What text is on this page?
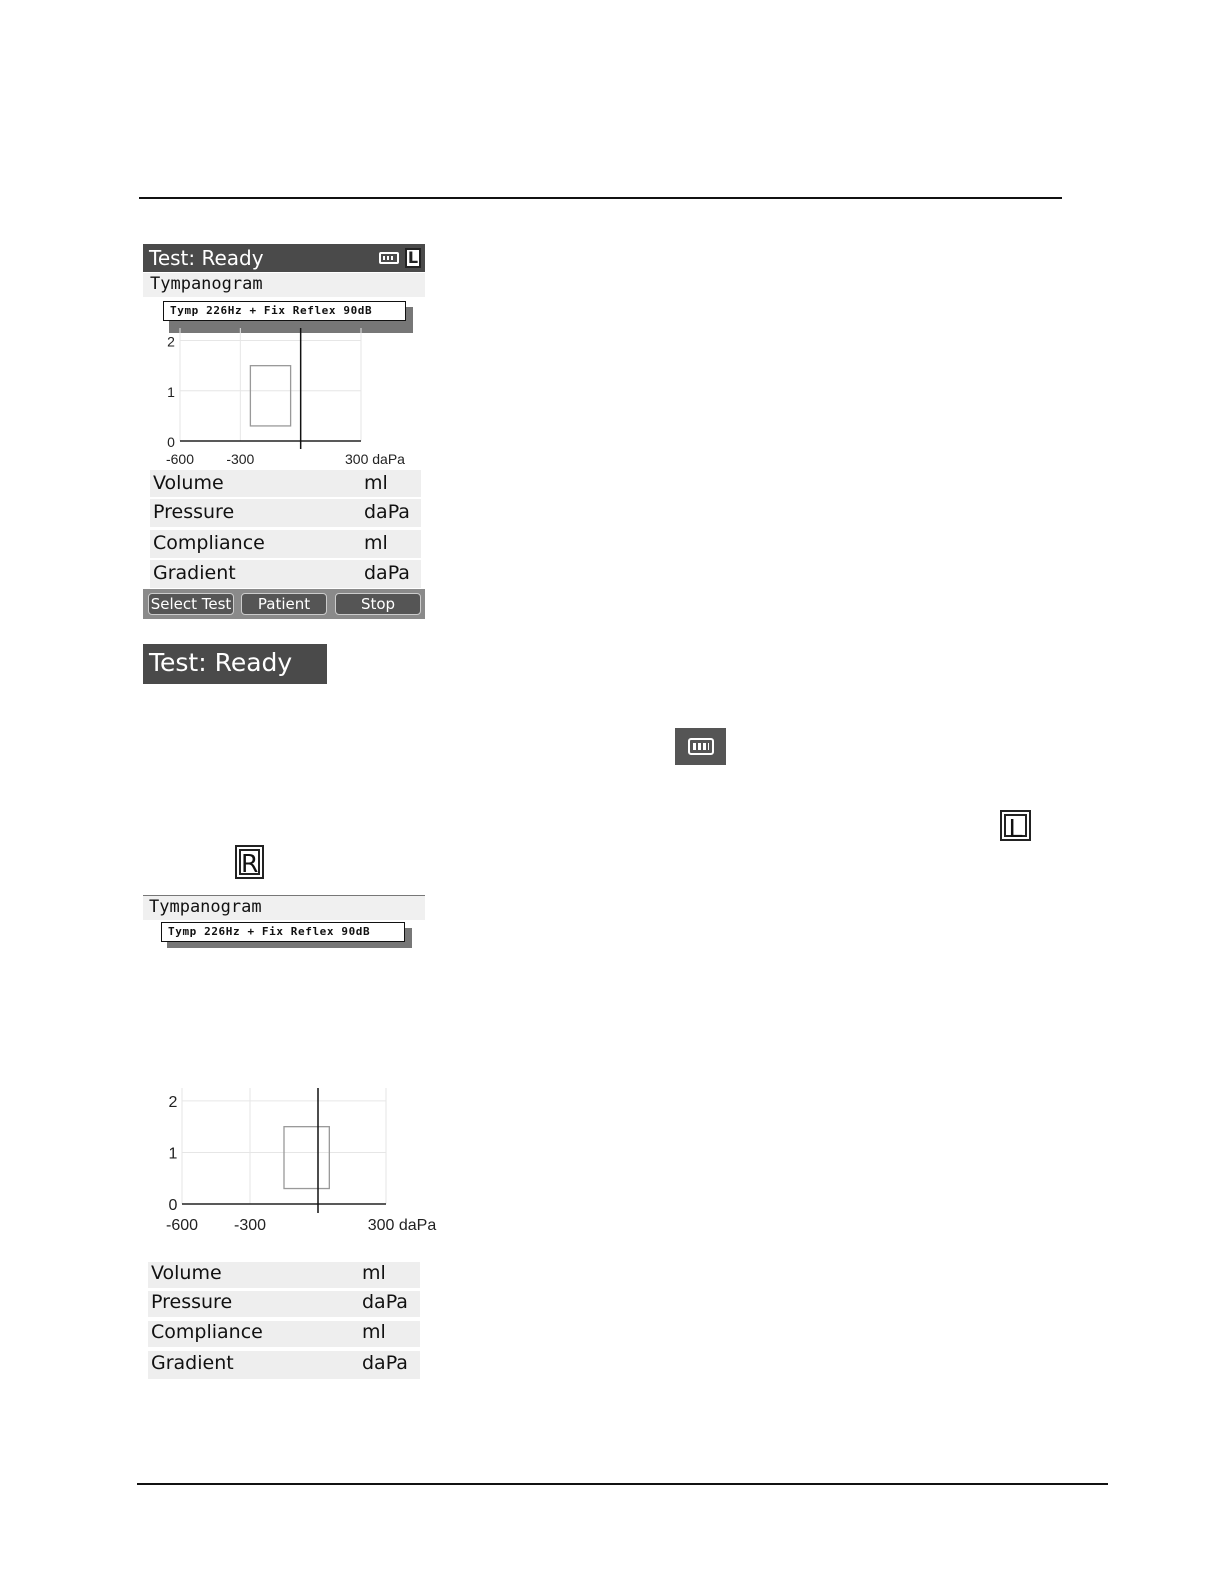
Test: Ready	L
Tympanogram
Tymp 226Hz + Fix Reflex 90dB
0
1
2
-600 -300	300 daPa
Volume	ml
Pressure	daPa
Compliance	ml
Gradient	daPa
Select Test	Patient	Stop
Test: Ready
L
R
Tympanogram
Tymp 226Hz + Fix Reflex 90dB
0
1
2
-600 -300	300 daPa
Volume	ml
Pressure	daPa
Compliance	ml
Gradient	daPa
